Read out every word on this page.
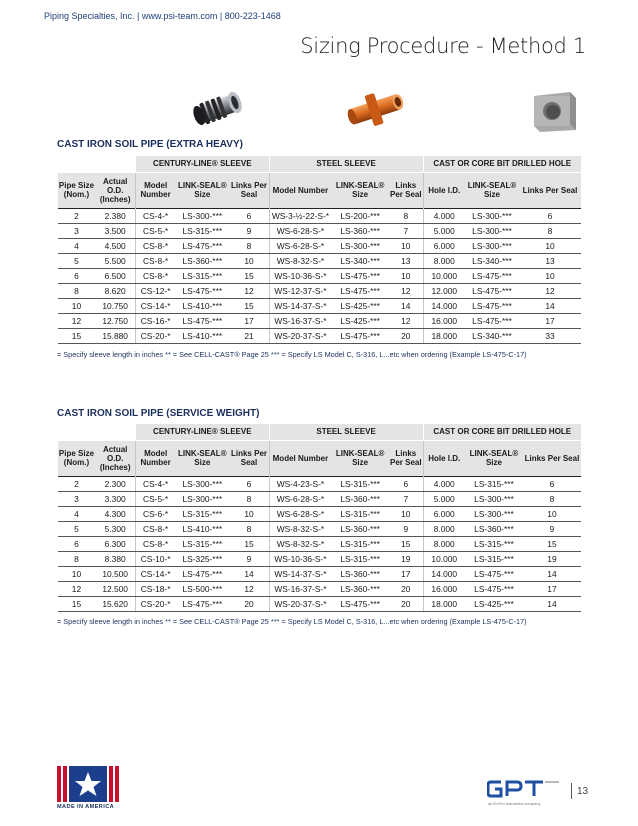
Piping Specialties, Inc. | www.psi-team.com | 800-223-1468
Sizing Procedure - Method 1
CAST IRON SOIL PIPE (EXTRA HEAVY)
		CENTURY-LINE® SLEEVE			STEEL SLEEVE			CAST OR CORE BIT DRILLED HOLE		
Pipe Size (Nom.)	Actual O.D. (Inches)	Model Number	LINK-SEAL® Size	Links Per Seal	Model Number	LINK-SEAL® Size	Links Per Seal	Hole I.D.	LINK-SEAL® Size	Links Per Seal
2	2.380	CS-4-*	LS-300-***	6	WS-3-½-22-S-*	LS-200-***	8	4.000	LS-300-***	6
3	3.500	CS-5-*	LS-315-***	9	WS-6-28-S-*	LS-360-***	7	5.000	LS-300-***	8
4	4.500	CS-8-*	LS-475-***	8	WS-6-28-S-*	LS-300-***	10	6.000	LS-300-***	10
5	5.500	CS-8-*	LS-360-***	10	WS-8-32-S-*	LS-340-***	13	8.000	LS-340-***	13
6	6.500	CS-8-*	LS-315-***	15	WS-10-36-S-*	LS-475-***	10	10.000	LS-475-***	10
8	8.620	CS-12-*	LS-475-***	12	WS-12-37-S-*	LS-475-***	12	12.000	LS-475-***	12
10	10.750	CS-14-*	LS-410-***	15	WS-14-37-S-*	LS-425-***	14	14.000	LS-475-***	14
12	12.750	CS-16-*	LS-475-***	17	WS-16-37-S-*	LS-425-***	12	16.000	LS-475-***	17
15	15.880	CS-20-*	LS-410-***	21	WS-20-37-S-*	LS-475-***	20	18.000	LS-340-***	33
= Specify sleeve length in inches ** = See CELL-CAST® Page 25 *** = Specify LS Model C, S-316, L...etc when ordering (Example LS-475-C-17)
CAST IRON SOIL PIPE (SERVICE WEIGHT)
		CENTURY-LINE® SLEEVE			STEEL SLEEVE			CAST OR CORE BIT DRILLED HOLE		
Pipe Size (Nom.)	Actual O.D. (Inches)	Model Number	LINK-SEAL® Size	Links Per Seal	Model Number	LINK-SEAL® Size	Links Per Seal	Hole I.D.	LINK-SEAL® Size	Links Per Seal
2	2.300	CS-4-*	LS-300-***	6	WS-4-23-S-*	LS-315-***	6	4.000	LS-315-***	6
3	3.300	CS-5-*	LS-300-***	8	WS-6-28-S-*	LS-360-***	7	5.000	LS-300-***	8
4	4.300	CS-6-*	LS-315-***	10	WS-6-28-S-*	LS-315-***	10	6.000	LS-300-***	10
5	5.300	CS-8-*	LS-410-***	8	WS-8-32-S-*	LS-360-***	9	8.000	LS-360-***	9
6	6.300	CS-8-*	LS-315-***	15	WS-8-32-S-*	LS-315-***	15	8.000	LS-315-***	15
8	8.380	CS-10-*	LS-325-***	9	WS-10-36-S-*	LS-315-***	19	10.000	LS-315-***	19
10	10.500	CS-14-*	LS-475-***	14	WS-14-37-S-*	LS-360-***	17	14.000	LS-475-***	14
12	12.500	CS-18-*	LS-500-***	12	WS-16-37-S-*	LS-360-***	20	16.000	LS-475-***	17
15	15.620	CS-20-*	LS-475-***	20	WS-20-37-S-*	LS-475-***	20	18.000	LS-425-***	14
= Specify sleeve length in inches ** = See CELL-CAST® Page 25 *** = Specify LS Model C, S-316, L...etc when ordering (Example LS-475-C-17)
MADE IN AMERICA
an EnPro Industries company
13
